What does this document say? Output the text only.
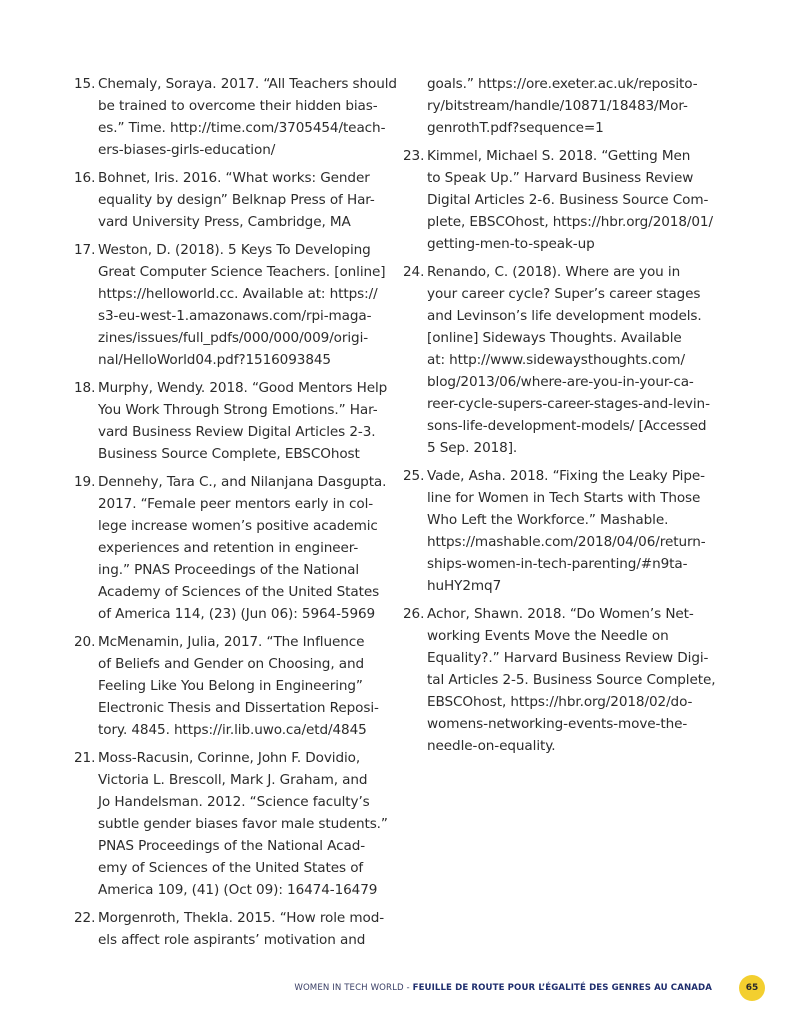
15. Chemaly, Soraya. 2017. “All Teachers should
be trained to overcome their hidden bias-
es.” Time. http://time.com/3705454/teach-
ers-biases-girls-education/
16. Bohnet, Iris. 2016. “What works: Gender
equality by design” Belknap Press of Har-
vard University Press, Cambridge, MA
17. Weston, D. (2018). 5 Keys To Developing
Great Computer Science Teachers. [online]
https://helloworld.cc. Available at: https://
s3-eu-west-1.amazonaws.com/rpi-maga-
zines/issues/full_pdfs/000/000/009/origi-
nal/HelloWorld04.pdf?1516093845
18. Murphy, Wendy. 2018. “Good Mentors Help
You Work Through Strong Emotions.” Har-
vard Business Review Digital Articles 2-3.
Business Source Complete, EBSCOhost
19. Dennehy, Tara C., and Nilanjana Dasgupta.
2017. “Female peer mentors early in col-
lege increase women’s positive academic
experiences and retention in engineer-
ing.” PNAS Proceedings of the National
Academy of Sciences of the United States
of America 114, (23) (Jun 06): 5964-5969
20. McMenamin, Julia, 2017. “The Influence
of Beliefs and Gender on Choosing, and
Feeling Like You Belong in Engineering”
Electronic Thesis and Dissertation Reposi-
tory. 4845. https://ir.lib.uwo.ca/etd/4845
21. Moss-Racusin, Corinne, John F. Dovidio,
Victoria L. Brescoll, Mark J. Graham, and
Jo Handelsman. 2012. “Science faculty’s
subtle gender biases favor male students.”
PNAS Proceedings of the National Acad-
emy of Sciences of the United States of
America 109, (41) (Oct 09): 16474-16479
22. Morgenroth, Thekla. 2015. “How role mod-
els affect role aspirants’ motivation and
goals.” https://ore.exeter.ac.uk/reposito-
ry/bitstream/handle/10871/18483/Mor-
genrothT.pdf?sequence=1
23. Kimmel, Michael S. 2018. “Getting Men
to Speak Up.” Harvard Business Review
Digital Articles 2-6. Business Source Com-
plete, EBSCOhost, https://hbr.org/2018/01/
getting-men-to-speak-up
24. Renando, C. (2018). Where are you in
your career cycle? Super’s career stages
and Levinson’s life development models.
[online] Sideways Thoughts. Available
at: http://www.sidewaysthoughts.com/
blog/2013/06/where-are-you-in-your-ca-
reer-cycle-supers-career-stages-and-levin-
sons-life-development-models/ [Accessed
5 Sep. 2018].
25. Vade, Asha. 2018. “Fixing the Leaky Pipe-
line for Women in Tech Starts with Those
Who Left the Workforce.” Mashable.
https://mashable.com/2018/04/06/return-
ships-women-in-tech-parenting/#n9ta-
huHY2mq7
26. Achor, Shawn. 2018. “Do Women’s Net-
working Events Move the Needle on
Equality?.” Harvard Business Review Digi-
tal Articles 2-5. Business Source Complete,
EBSCOhost, https://hbr.org/2018/02/do-
womens-networking-events-move-the-
needle-on-equality.
WOMEN IN TECH WORLD - FEUILLE DE ROUTE POUR L’ÉGALITÉ DES GENRES AU CANADA	65
